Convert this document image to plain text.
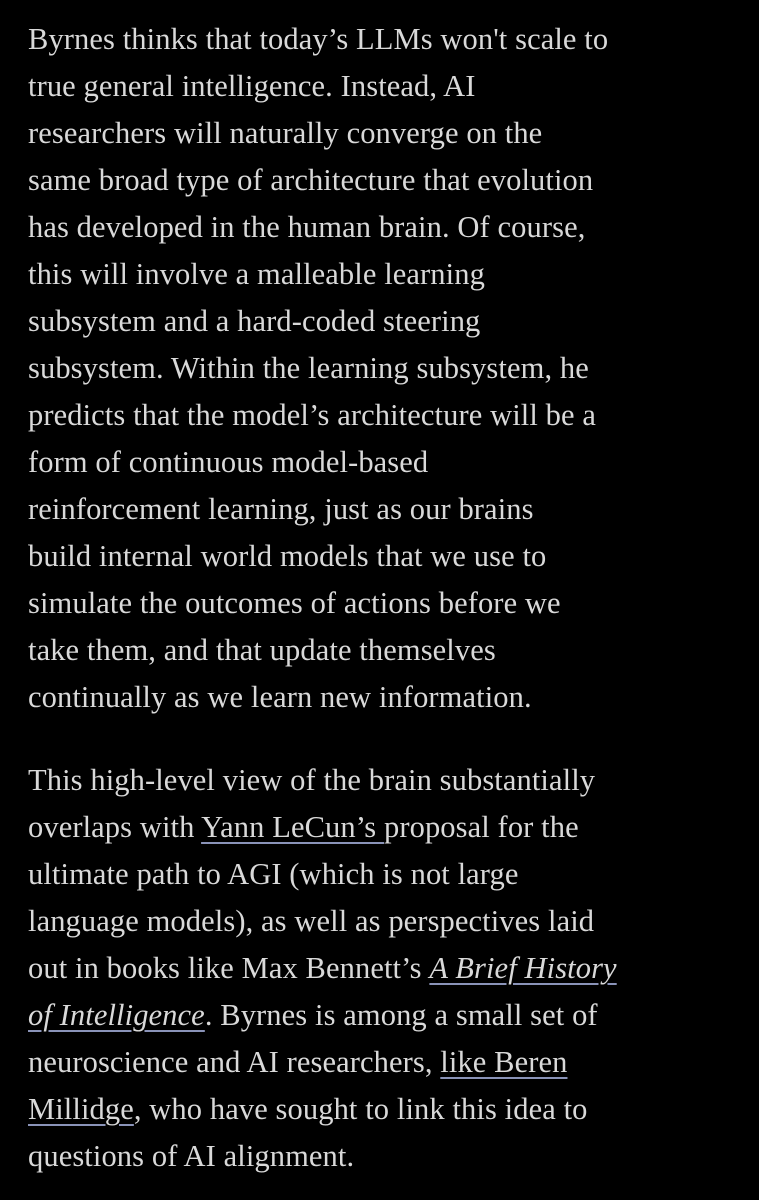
Byrnes thinks that today’s LLMs won't scale to
true general intelligence. Instead, AI
researchers will naturally converge on the
same broad type of architecture that evolution
has developed in the human brain. Of course,
this will involve a malleable learning
subsystem and a hard-coded steering
subsystem. Within the learning subsystem, he
predicts that the model’s architecture will be a
form of continuous model-based
reinforcement learning, just as our brains
build internal world models that we use to
simulate the outcomes of actions before we
take them, and that update themselves
continually as we learn new information.

This high-level view of the brain substantially
overlaps with Yann LeCun’s proposal for the
ultimate path to AGI (which is not large
language models), as well as perspectives laid
out in books like Max Bennett’s A Brief History
of Intelligence. Byrnes is among a small set of
neuroscience and AI researchers, like Beren
Millidge, who have sought to link this idea to
questions of AI alignment.
